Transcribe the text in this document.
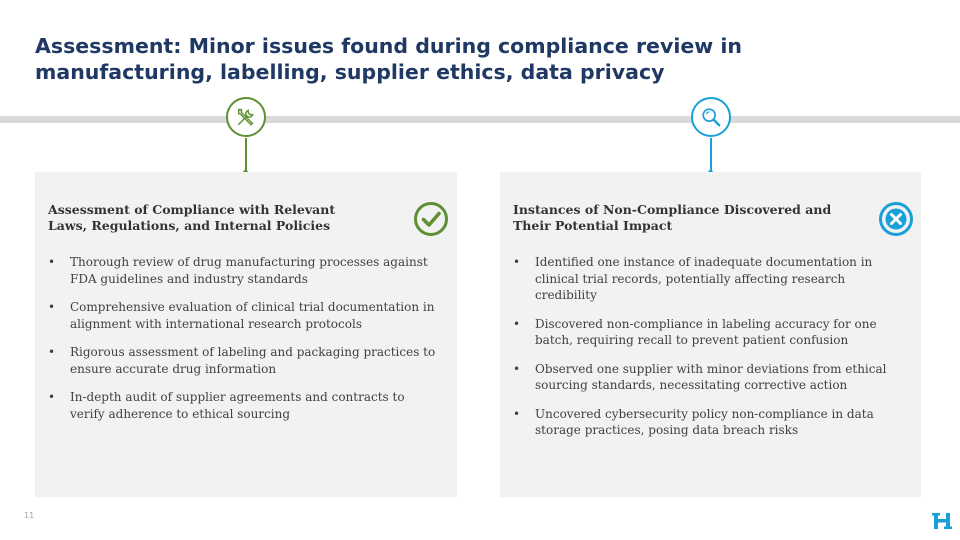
Assessment: Minor issues found during compliance review in manufacturing, labelling, supplier ethics, data privacy
Assessment of Compliance with Relevant Laws, Regulations, and Internal Policies
• Thorough review of drug manufacturing processes against FDA guidelines and industry standards
• Comprehensive evaluation of clinical trial documentation in alignment with international research protocols
• Rigorous assessment of labeling and packaging practices to ensure accurate drug information
• In-depth audit of supplier agreements and contracts to verify adherence to ethical sourcing
Instances of Non-Compliance Discovered and Their Potential Impact
• Identified one instance of inadequate documentation in clinical trial records, potentially affecting research credibility
• Discovered non-compliance in labeling accuracy for one batch, requiring recall to prevent patient confusion
• Observed one supplier with minor deviations from ethical sourcing standards, necessitating corrective action
• Uncovered cybersecurity policy non-compliance in data storage practices, posing data breach risks
11
